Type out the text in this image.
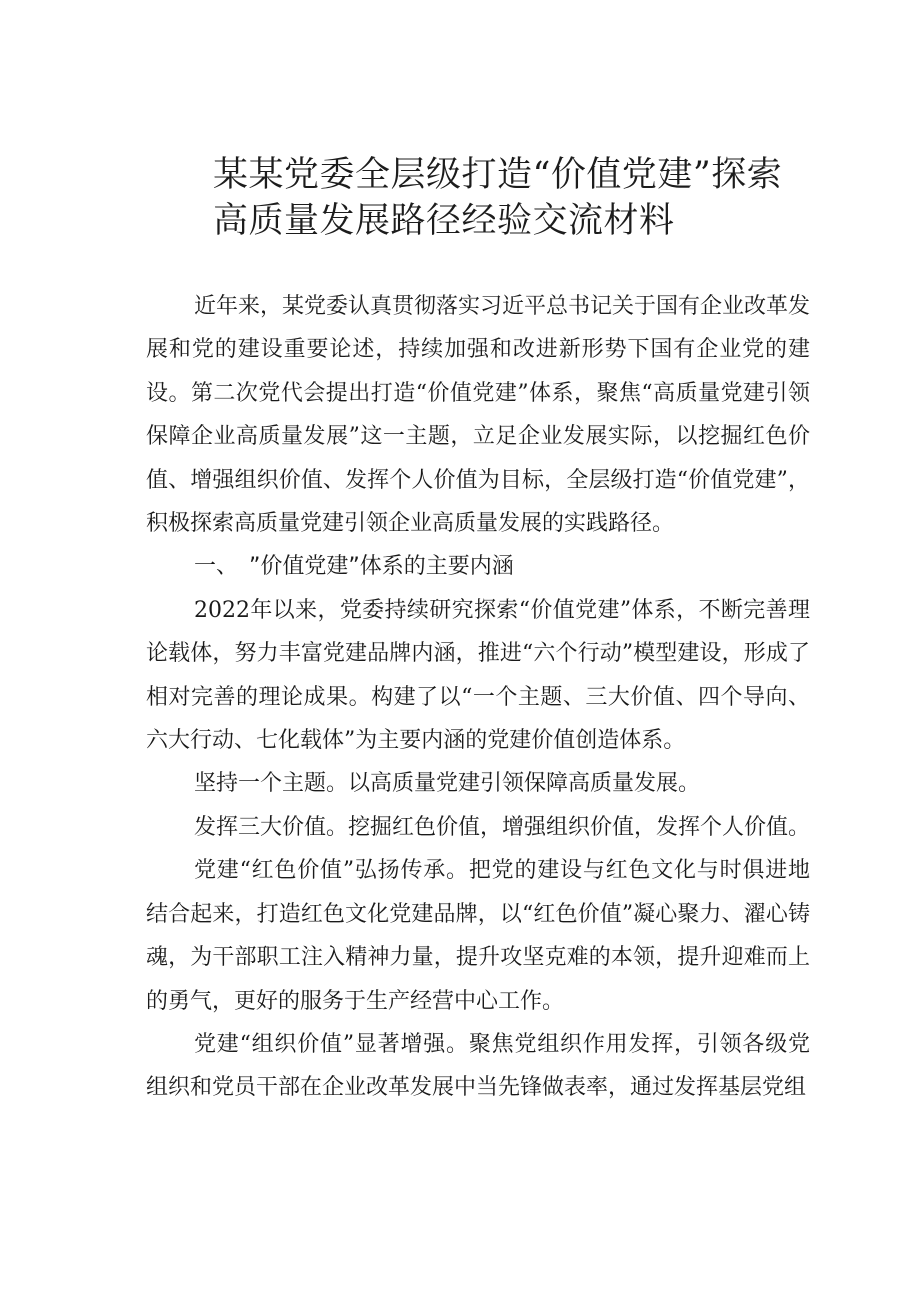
某某党委全层级打造“价值党建”探索
高质量发展路径经验交流材料

近年来，某党委认真贯彻落实习近平总书记关于国有企业改革发展和党的建设重要论述，持续加强和改进新形势下国有企业党的建设。第二次党代会提出打造“价值党建”体系，聚焦“高质量党建引领保障企业高质量发展”这一主题，立足企业发展实际，以挖掘红色价值、增强组织价值、发挥个人价值为目标，全层级打造“价值党建”，积极探索高质量党建引领企业高质量发展的实践路径。

一、 ”价值党建”体系的主要内涵

2022年以来，党委持续研究探索“价值党建”体系，不断完善理论载体，努力丰富党建品牌内涵，推进“六个行动”模型建设，形成了相对完善的理论成果。构建了以“一个主题、三大价值、四个导向、六大行动、七化载体”为主要内涵的党建价值创造体系。

坚持一个主题。以高质量党建引领保障高质量发展。

发挥三大价值。挖掘红色价值，增强组织价值，发挥个人价值。

党建“红色价值”弘扬传承。把党的建设与红色文化与时俱进地结合起来，打造红色文化党建品牌，以“红色价值”凝心聚力、濯心铸魂，为干部职工注入精神力量，提升攻坚克难的本领，提升迎难而上的勇气，更好的服务于生产经营中心工作。

党建“组织价值”显著增强。聚焦党组织作用发挥，引领各级党组织和党员干部在企业改革发展中当先锋做表率，通过发挥基层党组
